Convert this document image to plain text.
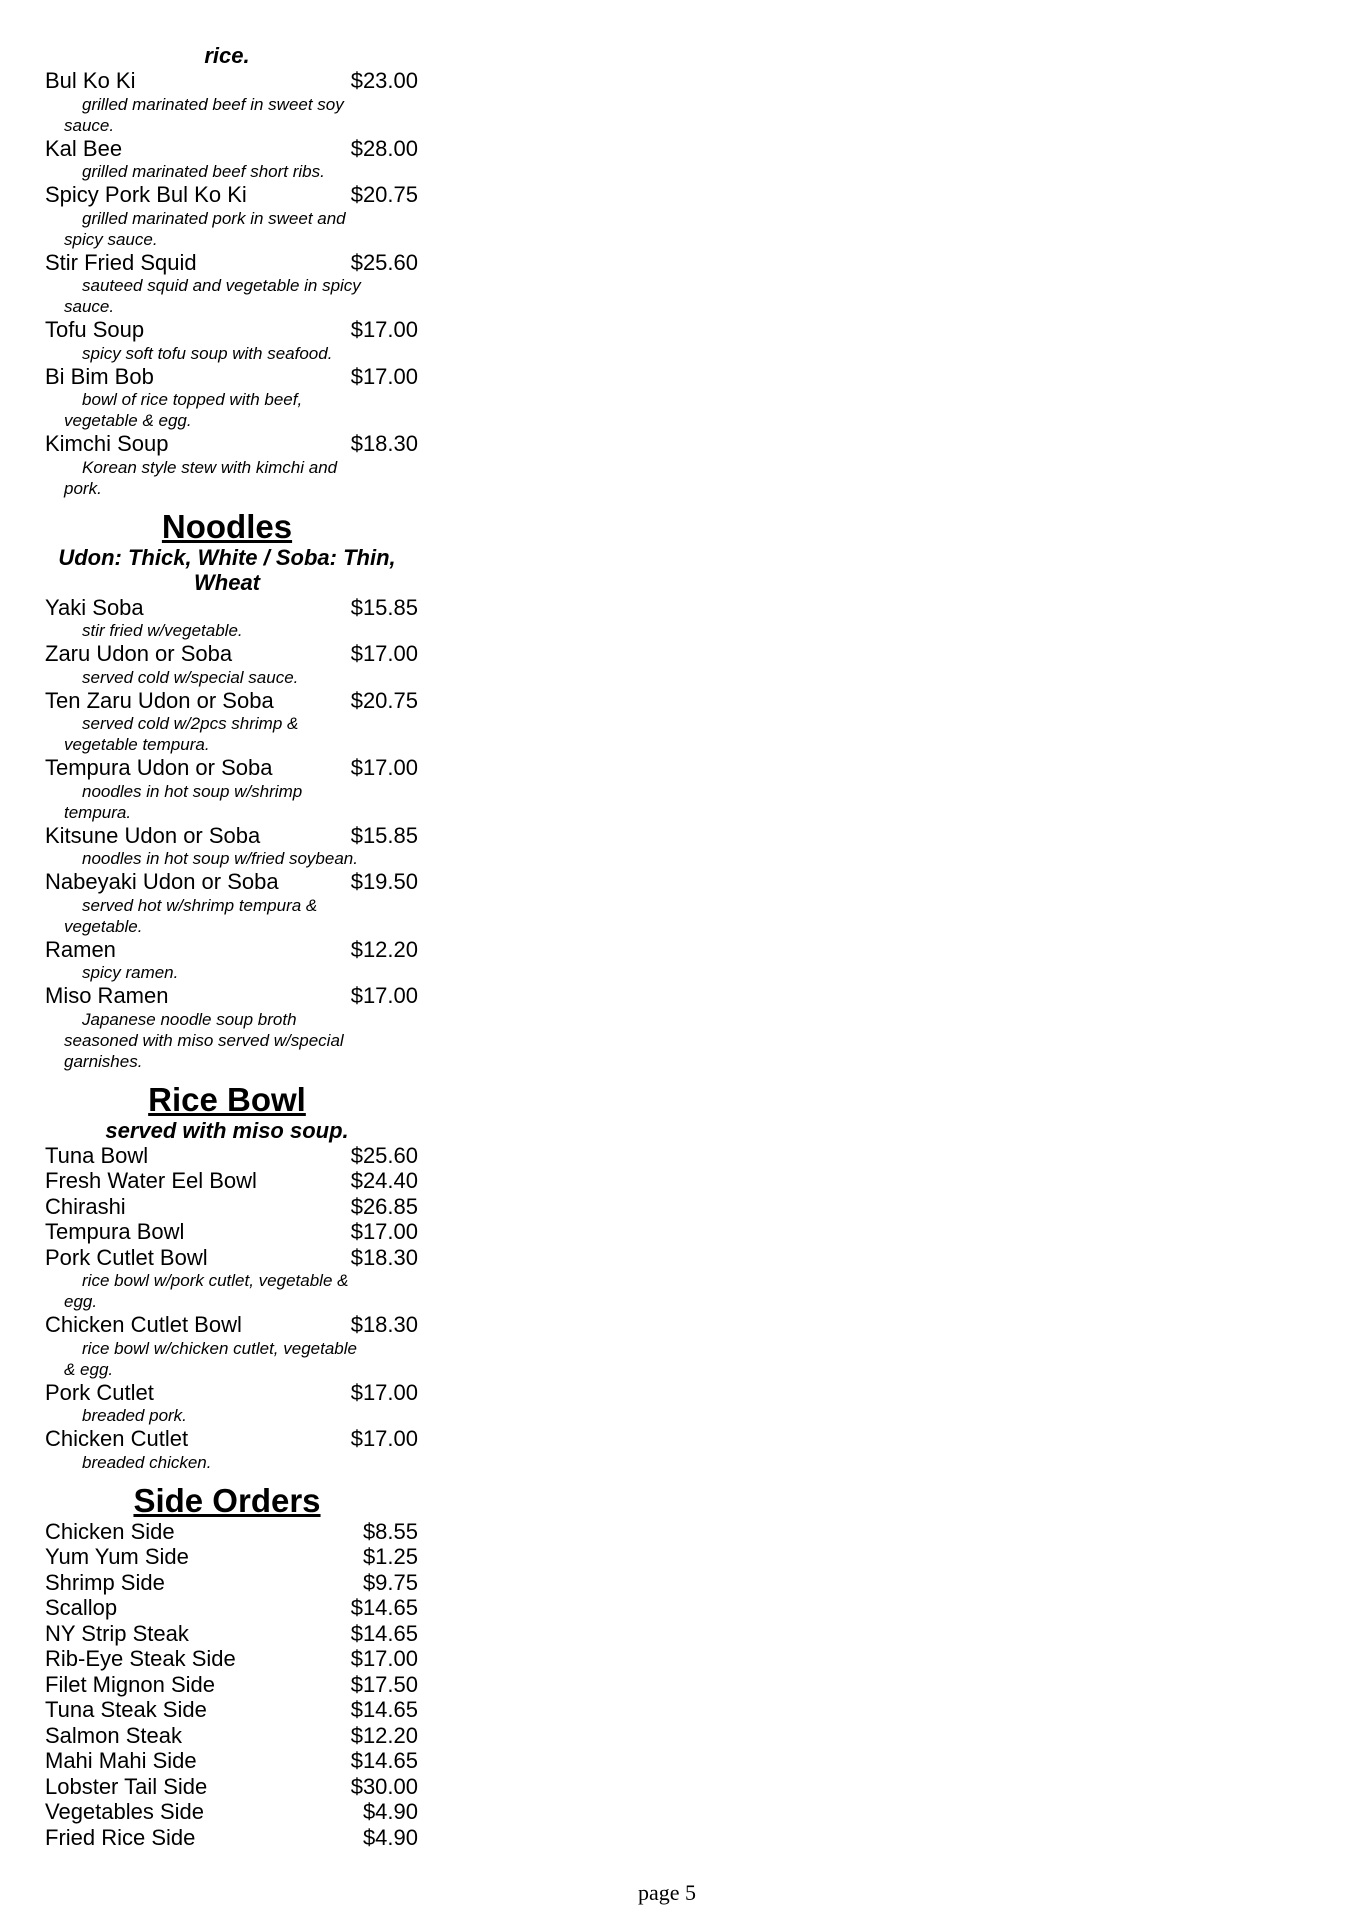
rice.
Bul Ko Ki	$23.00
grilled marinated beef in sweet soy sauce.
Kal Bee	$28.00
grilled marinated beef short ribs.
Spicy Pork Bul Ko Ki	$20.75
grilled marinated pork in sweet and spicy sauce.
Stir Fried Squid	$25.60
sauteed squid and vegetable in spicy sauce.
Tofu Soup	$17.00
spicy soft tofu soup with seafood.
Bi Bim Bob	$17.00
bowl of rice topped with beef, vegetable & egg.
Kimchi Soup	$18.30
Korean style stew with kimchi and pork.
Noodles
Udon: Thick, White / Soba: Thin, Wheat
Yaki Soba	$15.85
stir fried w/vegetable.
Zaru Udon or Soba	$17.00
served cold w/special sauce.
Ten Zaru Udon or Soba	$20.75
served cold w/2pcs shrimp & vegetable tempura.
Tempura Udon or Soba	$17.00
noodles in hot soup w/shrimp tempura.
Kitsune Udon or Soba	$15.85
noodles in hot soup w/fried soybean.
Nabeyaki Udon or Soba	$19.50
served hot w/shrimp tempura & vegetable.
Ramen	$12.20
spicy ramen.
Miso Ramen	$17.00
Japanese noodle soup broth seasoned with miso served w/special garnishes.
Rice Bowl
served with miso soup.
Tuna Bowl	$25.60
Fresh Water Eel Bowl	$24.40
Chirashi	$26.85
Tempura Bowl	$17.00
Pork Cutlet Bowl	$18.30
rice bowl w/pork cutlet, vegetable & egg.
Chicken Cutlet Bowl	$18.30
rice bowl w/chicken cutlet, vegetable & egg.
Pork Cutlet	$17.00
breaded pork.
Chicken Cutlet	$17.00
breaded chicken.
Side Orders
Chicken Side	$8.55
Yum Yum Side	$1.25
Shrimp Side	$9.75
Scallop	$14.65
NY Strip Steak	$14.65
Rib-Eye Steak Side	$17.00
Filet Mignon Side	$17.50
Tuna Steak Side	$14.65
Salmon Steak	$12.20
Mahi Mahi Side	$14.65
Lobster Tail Side	$30.00
Vegetables Side	$4.90
Fried Rice Side	$4.90
page 5
